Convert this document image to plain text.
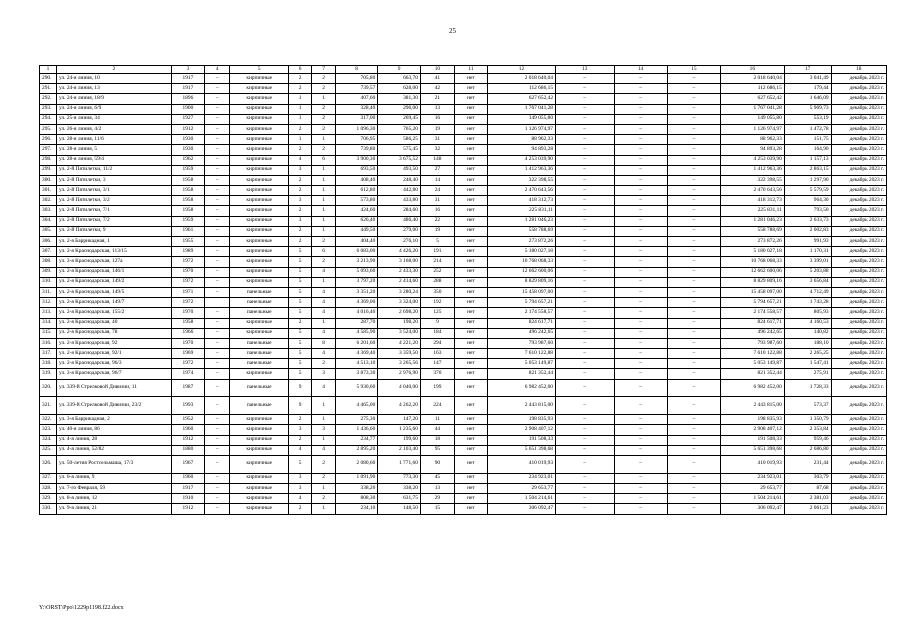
25
1	2	3	4	5	6	7	8	9	10	11	12	13	14	15	16	17	18
290.	ул. 24-я линия, 10	1917	–	кирпичные	2	2	705,80	663,70	41	нет	2 018 640,04	–	–	–	2 018 640,04	3 041,49	декабрь 2023 г.
291.	ул. 24-я линия, 13	1917	–	кирпичные	2	2	739,57	628,00	42	нет	112 686,15	–	–	–	112 686,15	179,44	декабрь 2023 г.
292.	ул. 24-я линия, 18/9	1896	–	кирпичные	1	1	407,60	381,30	21	нет	627 652,42	–	–	–	627 652,42	1 646,09	декабрь 2023 г.
293.	ул. 24-я линия, 6/9	1900	–	кирпичные	1	2	328,40	296,00	13	нет	1 767 041,28	–	–	–	1 767 041,28	5 969,73	декабрь 2023 г.
294.	ул. 25-я линия, 34	1927	–	кирпичные	1	2	317,00	269,45	16	нет	149 055,80	–	–	–	149 055,80	553,19	декабрь 2023 г.
295.	ул. 26-я линия, 4/2	1912	–	кирпичные	2	2	1 096,30	765,20	19	нет	1 126 974,97	–	–	–	1 126 974,97	1 472,78	декабрь 2023 г.
296.	ул. 28-я линия, 11/6	1930	–	кирпичные	1	1	706,95	586,25	31	нет	88 962,33	–	–	–	88 962,33	151,75	декабрь 2023 г.
297.	ул. 28-я линия, 5	1930	–	кирпичные	2	2	739,80	575,45	32	нет	94 893,28	–	–	–	94 893,28	164,90	декабрь 2023 г.
298.	ул. 28-я линия, 59/4	1962	–	кирпичные	4	6	3 900,30	3 675,52	148	нет	4 253 039,90	–	–	–	4 253 039,90	1 157,13	декабрь 2023 г.
299.	ул. 2-й Пятилетки, 11/2	1959	–	кирпичные	3	1	693,50	493,50	27	нет	1 412 963,36	–	–	–	1 412 963,36	2 863,15	декабрь 2023 г.
300.	ул. 2-й Пятилетки, 3	1958	–	кирпичные	2	1	408,40	248,40	14	нет	322 398,55	–	–	–	322 398,55	1 297,90	декабрь 2023 г.
301.	ул. 2-й Пятилетки, 3/1	1958	–	кирпичные	2	1	612,80	442,80	24	нет	2 470 643,56	–	–	–	2 470 643,56	5 579,59	декабрь 2023 г.
302.	ул. 2-й Пятилетки, 3/2	1958	–	кирпичные	3	1	573,80	433,80	31	нет	418 312,73	–	–	–	418 312,73	964,30	декабрь 2023 г.
303.	ул. 2-й Пятилетки, 7/1	1958	–	кирпичные	2	1	424,60	284,60	16	нет	225 831,11	–	–	–	225 831,11	793,50	декабрь 2023 г.
304.	ул. 2-й Пятилетки, 7/2	1959	–	кирпичные	3	1	626,40	486,40	22	нет	1 281 046,23	–	–	–	1 281 046,23	2 633,73	декабрь 2023 г.
305.	ул. 2-й Пятилетки, 9	1961	–	кирпичные	2	1	449,50	279,00	19	нет	558 788,69	–	–	–	558 788,69	2 002,83	декабрь 2023 г.
306.	ул. 2-я Баррикадная, 1	1955	–	кирпичные	2	2	404,40	276,10	5	нет	273 872,26	–	–	–	273 872,26	991,93	декабрь 2023 г.
307.	ул. 2-я Краснодарская, 113/15	1989	–	кирпичные	5	6	6 083,00	4 426,20	191	нет	5 180 027,18	–	–	–	5 180 027,18	1 170,31	декабрь 2023 г.
308.	ул. 2-я Краснодарская, 127а	1972	–	кирпичные	5	2	3 213,90	3 168,00	214	нет	10 768 068,33	–	–	–	10 768 068,33	3 399,01	декабрь 2023 г.
309.	ул. 2-я Краснодарская, 146/1	1970	–	кирпичные	5	4	5 093,60	2 433,30	252	нет	12 662 600,06	–	–	–	12 662 600,06	5 203,88	декабрь 2023 г.
310.	ул. 2-я Краснодарская, 149/2	1972	–	кирпичные	5	1	3 797,20	2 414,60	288	нет	8 829 809,16	–	–	–	8 829 809,16	3 656,84	декабрь 2023 г.
311.	ул. 2-я Краснодарская, 149/5	1971	–	панельные	5	4	3 351,20	3 280,24	350	нет	15 458 097,00	–	–	–	15 458 097,00	4 712,49	декабрь 2023 г.
312.	ул. 2-я Краснодарская, 149/7	1972		панельные	5	4	4 369,00	3 324,00	192	нет	5 794 657,21	–	–	–	5 794 657,21	1 743,28	декабрь 2023 г.
313.	ул. 2-я Краснодарская, 155/2	1970	–	панельные	5	4	4 016,40	2 698,20	125	нет	2 174 558,57	–	–	–	2 174 558,57	805,93	декабрь 2023 г.
314.	ул. 2-я Краснодарская, 40	1958	–	кирпичные	2	1	287,70	198,20	9	нет	824 617,71	–	–	–	824 617,71	4 160,53	декабрь 2023 г.
315.	ул. 2-я Краснодарская, 78	1966	–	кирпичные	5	4	4 585,90	3 524,00	184	нет	496 242,65	–	–	–	496 242,65	140,82	декабрь 2023 г.
316.	ул. 2-я Краснодарская, 92	1970	–	панельные	5	8	6 201,60	4 221,20	294	нет	793 987,60	–	–	–	793 987,60	188,10	декабрь 2023 г.
317.	ул. 2-я Краснодарская, 92/1	1969	–	панельные	5	4	4 369,40	3 359,50	163	нет	7 610 122,88	–	–	–	7 610 122,88	2 265,25	декабрь 2023 г.
318.	ул. 2-я Краснодарская, 96/3	1972	–	панельные	5	2	4 513,10	3 265,56	147	нет	5 053 149,87	–	–	–	5 053 149,87	1 547,41	декабрь 2023 г.
319.	ул. 2-я Краснодарская, 96/7	1974	–	кирпичные	5	3	3 873,30	2 976,90	370	нет	821 352,44	–	–	–	821 352,44	275,91	декабрь 2023 г.
320.	ул. 339-й Стрелковой Дивизии, 11	1987	–	панельные	9	4	5 930,60	4 040,00	199	нет	6 982 452,00	–	–	–	6 982 452,00	1 728,33	декабрь 2023 г.
321.	ул. 339-й Стрелковой Дивизии, 23/2	1993	–	панельные	9	1	4 465,00	4 262,20	224	нет	2 443 815,00	–	–	–	2 443 815,00	573,37	декабрь 2023 г.
322.	ул. 3-я Баррикадная, 2	1952	–	кирпичные	2	1	275,30	147,20	11	нет	198 835,93	–	–	–	198 835,93	1 350,79	декабрь 2023 г.
323.	ул. 40-я линия, 86	1960	–	кирпичные	3	3	1 436,60	1 235,60	44	нет	2 908 407,12	–	–	–	2 908 407,12	2 353,84	декабрь 2023 г.
324.	ул. 4-я линия, 28	1912	–	кирпичные	2	1	234,77	199,60	18	нет	191 508,33	–	–	–	191 508,33	959,46	декабрь 2023 г.
325.	ул. 4-я линия, 52/82	1880	–	кирпичные	4	4	2 895,20	2 103,40	95	нет	5 651 398,68	–	–	–	5 651 398,68	2 686,80	декабрь 2023 г.
326.	ул. 50-летия Ростсельмаша, 17/3	1967	–	кирпичные	5	2	2 080,60	1 771,60	90	нет	410 019,93	–	–	–	410 019,93	231,44	декабрь 2023 г.
327.	ул. 6-я линия, 9	1960	–	кирпичные	3	2	1 091,90	773,30	45	нет	234 923,01	–	–	–	234 923,01	303,79	декабрь 2023 г.
328.	ул. 7-го Февраля, 59	1917	–	кирпичные	3	1	338,20	338,20	13	нет	29 653,77	–	–	–	29 653,77	87,68	декабрь 2023 г.
329.	ул. 8-я линия, 12	1910	–	кирпичные	4	2	808,30	631,75	29	нет	1 504 214,61	–	–	–	1 504 214,61	2 381,03	декабрь 2023 г.
330.	ул. 9-я линия, 21	1912	–	кирпичные	2	1	234,10	148,50	15	нет	306 092,47	–	–	–	306 092,47	2 061,23	декабрь 2023 г.
Y:\ORST\Ppo\1229p1198.f22.docx
